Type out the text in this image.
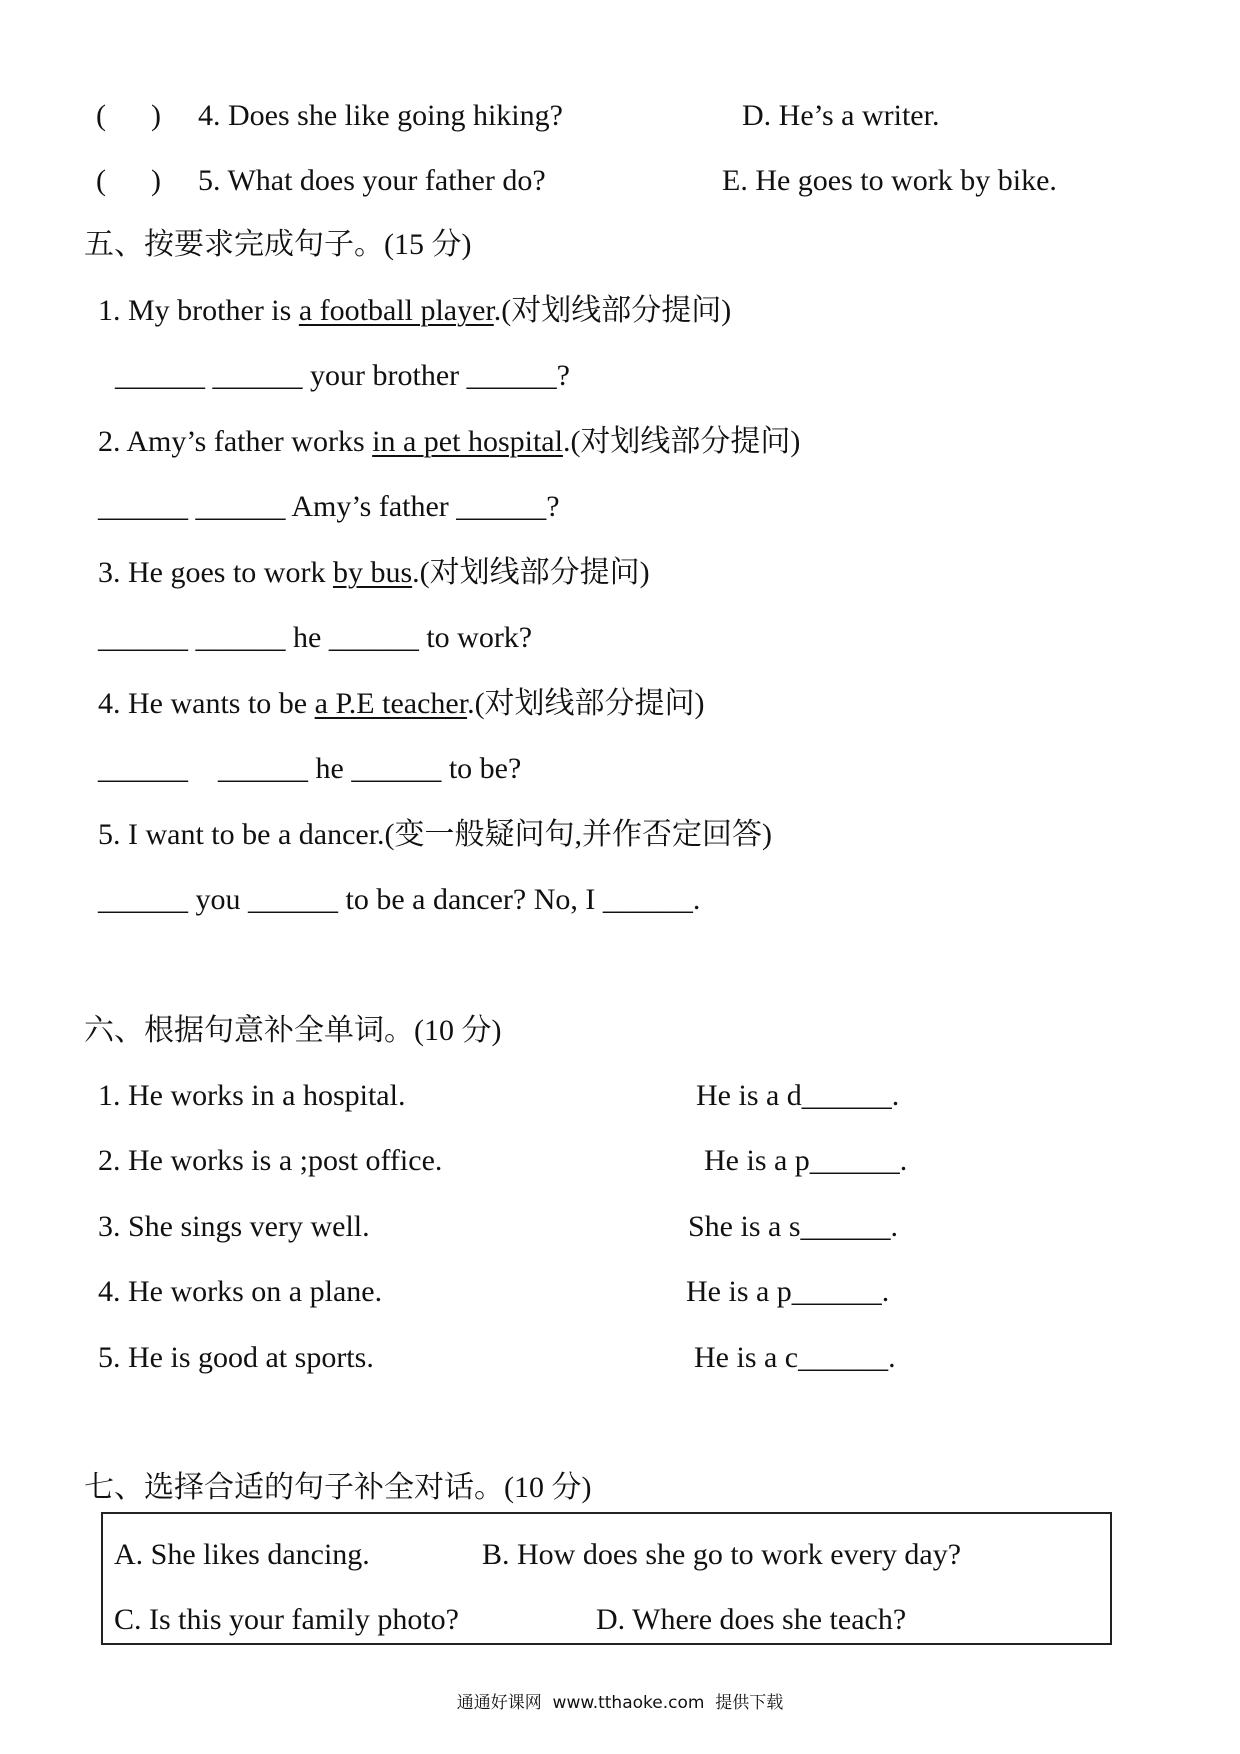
(      ) 4. Does she like going hiking?	D. He’s a writer.
(      ) 5. What does your father do?	E. He goes to work by bike.
五、按要求完成句子。(15 分)
1. My brother is a football player.(对划线部分提问)
______ ______ your brother ______?
2. Amy’s father works in a pet hospital.(对划线部分提问)
______ ______ Amy’s father ______?
3. He goes to work by bus.(对划线部分提问)
______ ______ he ______ to work?
4. He wants to be a P.E teacher.(对划线部分提问)
______    ______ he ______ to be?
5. I want to be a dancer.(变一般疑问句,并作否定回答)
______ you ______ to be a dancer? No, I ______.
六、根据句意补全单词。(10 分)
1. He works in a hospital.	He is a d______.
2. He works is a ;post office.	He is a p______.
3. She sings very well.	She is a s______.
4. He works on a plane.	He is a p______.
5. He is good at sports.	He is a c______.
七、选择合适的句子补全对话。(10 分)
A. She likes dancing.	B. How does she go to work every day?
C. Is this your family photo?	D. Where does she teach?
通通好课网  www.tthaoke.com  提供下载
